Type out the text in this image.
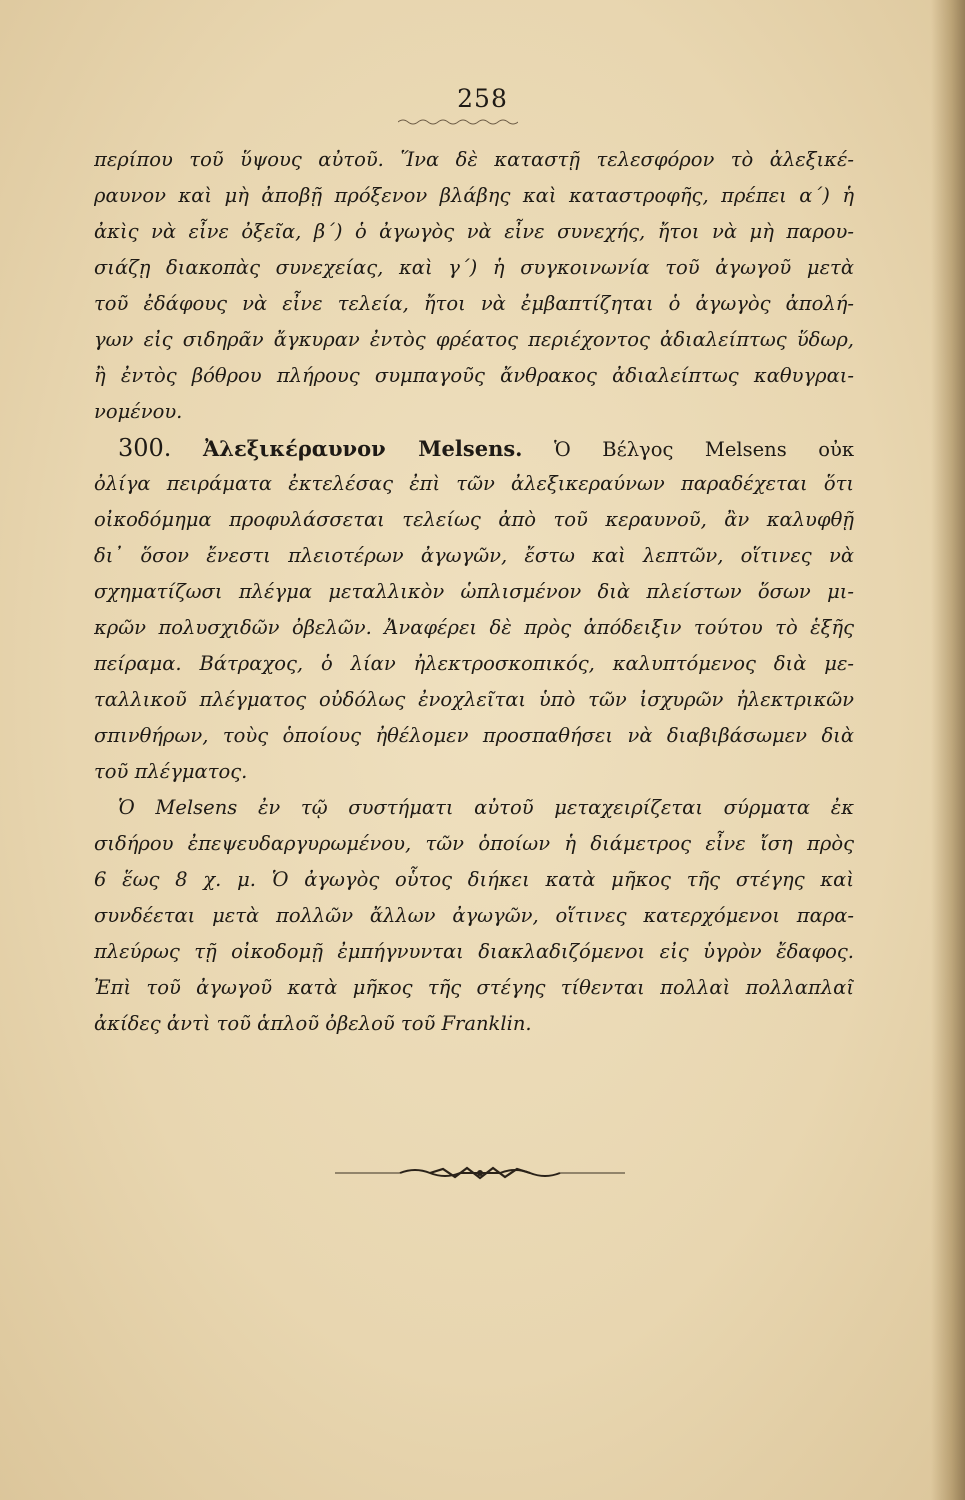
258
περίπου τοῦ ὕψους αὐτοῦ. Ἵνα δὲ καταστῇ τελεσφόρον τὸ ἀλεξικέ-
ραυνον καὶ μὴ ἀποβῇ πρόξενον βλάβης καὶ καταστροφῆς, πρέπει α΄) ἡ
ἀκὶς νὰ εἶνε ὀξεῖα, β΄) ὁ ἀγωγὸς νὰ εἶνε συνεχής, ἤτοι νὰ μὴ παρου-
σιάζῃ διακοπὰς συνεχείας, καὶ γ΄) ἡ συγκοινωνία τοῦ ἀγωγοῦ μετὰ
τοῦ ἐδάφους νὰ εἶνε τελεία, ἤτοι νὰ ἐμβαπτίζηται ὁ ἀγωγὸς ἀπολή-
γων εἰς σιδηρᾶν ἄγκυραν ἐντὸς φρέατος περιέχοντος ἀδιαλείπτως ὕδωρ,
ἢ ἐντὸς βόθρου πλήρους συμπαγοῦς ἄνθρακος ἀδιαλείπτως καθυγραι-
νομένου.
300. Ἀλεξικέραυνον Melsens. Ὁ Βέλγος Melsens οὐκ
ὀλίγα πειράματα ἐκτελέσας ἐπὶ τῶν ἀλεξικεραύνων παραδέχεται ὅτι
οἰκοδόμημα προφυλάσσεται τελείως ἀπὸ τοῦ κεραυνοῦ, ἂν καλυφθῇ
δι᾿ ὅσον ἔνεστι πλειοτέρων ἀγωγῶν, ἔστω καὶ λεπτῶν, οἵτινες νὰ
σχηματίζωσι πλέγμα μεταλλικὸν ὡπλισμένον διὰ πλείστων ὅσων μι-
κρῶν πολυσχιδῶν ὀβελῶν. Ἀναφέρει δὲ πρὸς ἀπόδειξιν τούτου τὸ ἑξῆς
πείραμα. Βάτραχος, ὁ λίαν ἠλεκτροσκοπικός, καλυπτόμενος διὰ με-
ταλλικοῦ πλέγματος οὐδόλως ἐνοχλεῖται ὑπὸ τῶν ἰσχυρῶν ἠλεκτρικῶν
σπινθήρων, τοὺς ὁποίους ἠθέλομεν προσπαθήσει νὰ διαβιβάσωμεν διὰ
τοῦ πλέγματος.
Ὁ Melsens ἐν τῷ συστήματι αὐτοῦ μεταχειρίζεται σύρματα ἐκ
σιδήρου ἐπεψευδαργυρωμένου, τῶν ὁποίων ἡ διάμετρος εἶνε ἴση πρὸς
6 ἕως 8 χ. μ. Ὁ ἀγωγὸς οὗτος διήκει κατὰ μῆκος τῆς στέγης καὶ
συνδέεται μετὰ πολλῶν ἄλλων ἀγωγῶν, οἵτινες κατερχόμενοι παρα-
πλεύρως τῇ οἰκοδομῇ ἐμπήγνυνται διακλαδιζόμενοι εἰς ὑγρὸν ἔδαφος.
Ἐπὶ τοῦ ἀγωγοῦ κατὰ μῆκος τῆς στέγης τίθενται πολλαὶ πολλαπλαῖ
ἀκίδες ἀντὶ τοῦ ἁπλοῦ ὀβελοῦ τοῦ Franklin.
